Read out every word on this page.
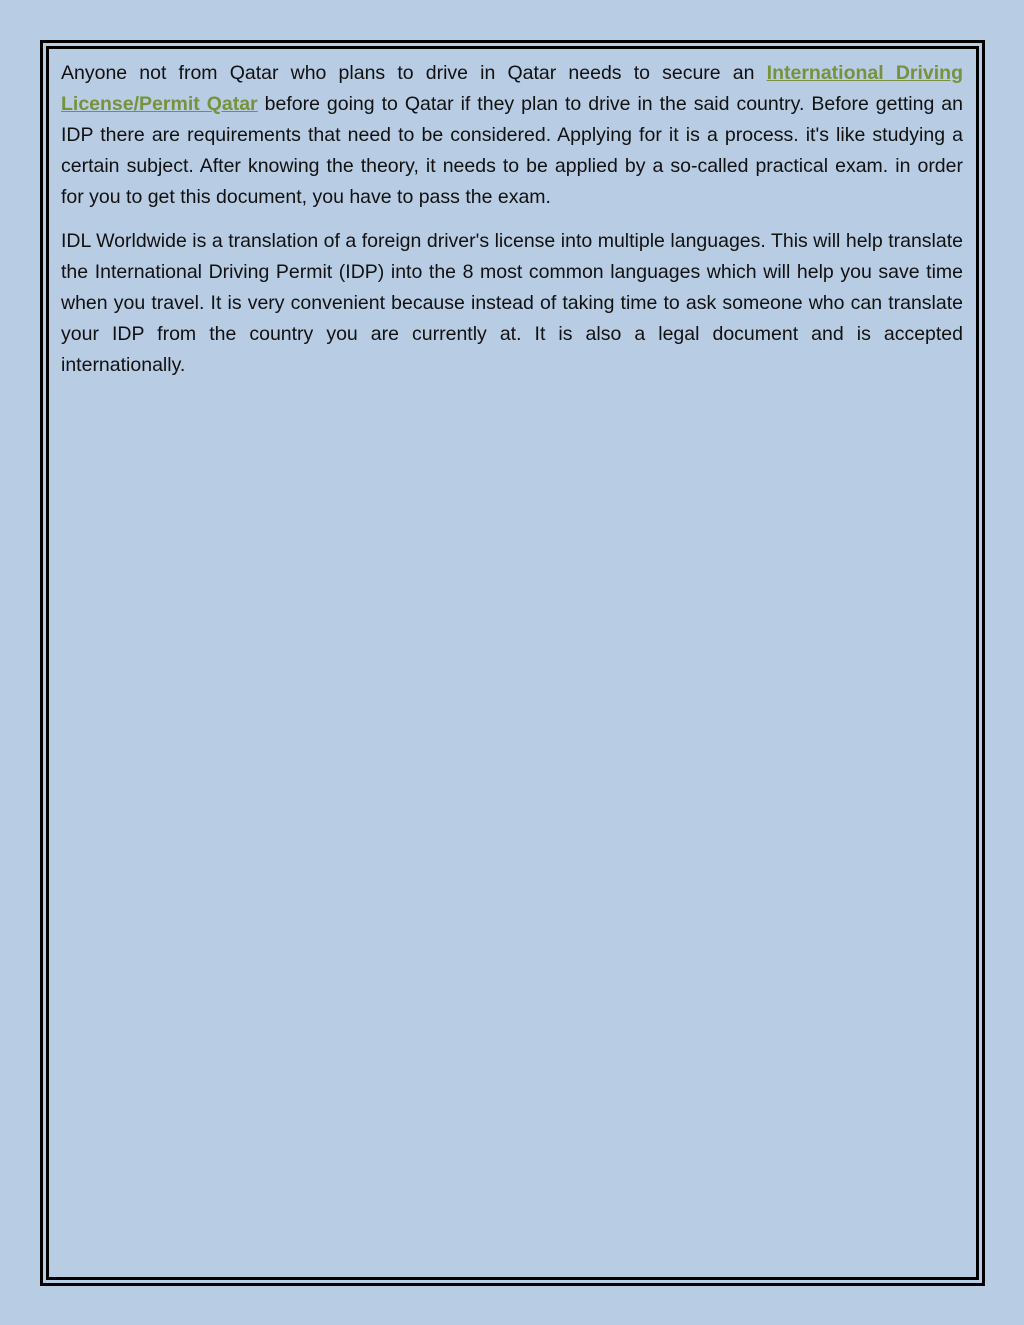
Anyone not from Qatar who plans to drive in Qatar needs to secure an International Driving License/Permit Qatar before going to Qatar if they plan to drive in the said country. Before getting an IDP there are requirements that need to be considered. Applying for it is a process. it's like studying a certain subject. After knowing the theory, it needs to be applied by a so-called practical exam. in order for you to get this document, you have to pass the exam.

IDL Worldwide is a translation of a foreign driver's license into multiple languages. This will help translate the International Driving Permit (IDP) into the 8 most common languages which will help you save time when you travel. It is very convenient because instead of taking time to ask someone who can translate your IDP from the country you are currently at. It is also a legal document and is accepted internationally.
